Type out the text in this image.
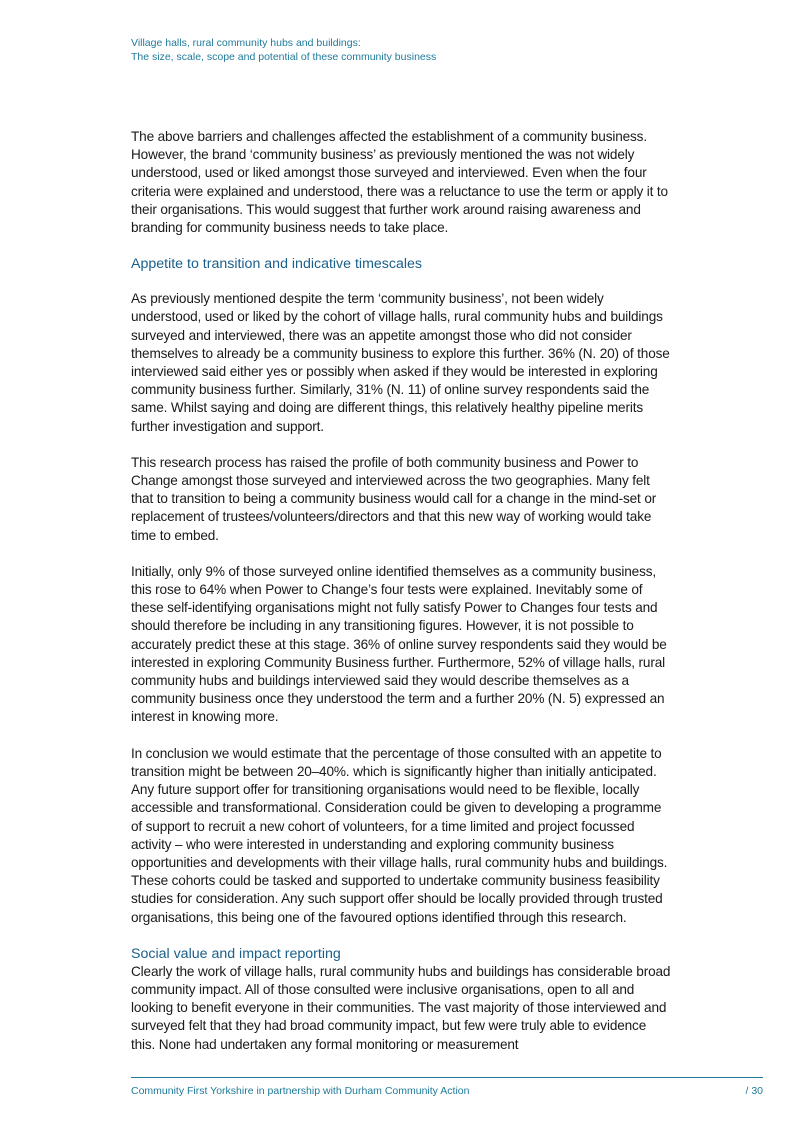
Village halls, rural community hubs and buildings:
The size, scale, scope and potential of these community business

The above barriers and challenges affected the establishment of a community business. However, the brand ‘community business’ as previously mentioned the was not widely understood, used or liked amongst those surveyed and interviewed. Even when the four criteria were explained and understood, there was a reluctance to use the term or apply it to their organisations. This would suggest that further work around raising awareness and branding for community business needs to take place.

Appetite to transition and indicative timescales

As previously mentioned despite the term ‘community business’, not been widely understood, used or liked by the cohort of village halls, rural community hubs and buildings surveyed and interviewed, there was an appetite amongst those who did not consider themselves to already be a community business to explore this further. 36% (N. 20) of those interviewed said either yes or possibly when asked if they would be interested in exploring community business further. Similarly, 31% (N. 11) of online survey respondents said the same. Whilst saying and doing are different things, this relatively healthy pipeline merits further investigation and support.

This research process has raised the profile of both community business and Power to Change amongst those surveyed and interviewed across the two geographies. Many felt that to transition to being a community business would call for a change in the mind-set or replacement of trustees/volunteers/directors and that this new way of working would take time to embed.

Initially, only 9% of those surveyed online identified themselves as a community business, this rose to 64% when Power to Change’s four tests were explained. Inevitably some of these self-identifying organisations might not fully satisfy Power to Changes four tests and should therefore be including in any transitioning figures. However, it is not possible to accurately predict these at this stage. 36% of online survey respondents said they would be interested in exploring Community Business further. Furthermore, 52% of village halls, rural community hubs and buildings interviewed said they would describe themselves as a community business once they understood the term and a further 20% (N. 5) expressed an interest in knowing more.

In conclusion we would estimate that the percentage of those consulted with an appetite to transition might be between 20–40%. which is significantly higher than initially anticipated. Any future support offer for transitioning organisations would need to be flexible, locally accessible and transformational. Consideration could be given to developing a programme of support to recruit a new cohort of volunteers, for a time limited and project focussed activity – who were interested in understanding and exploring community business opportunities and developments with their village halls, rural community hubs and buildings. These cohorts could be tasked and supported to undertake community business feasibility studies for consideration. Any such support offer should be locally provided through trusted organisations, this being one of the favoured options identified through this research.

Social value and impact reporting

Clearly the work of village halls, rural community hubs and buildings has considerable broad community impact. All of those consulted were inclusive organisations, open to all and looking to benefit everyone in their communities. The vast majority of those interviewed and surveyed felt that they had broad community impact, but few were truly able to evidence this. None had undertaken any formal monitoring or measurement

Community First Yorkshire in partnership with Durham Community Action	/ 30
